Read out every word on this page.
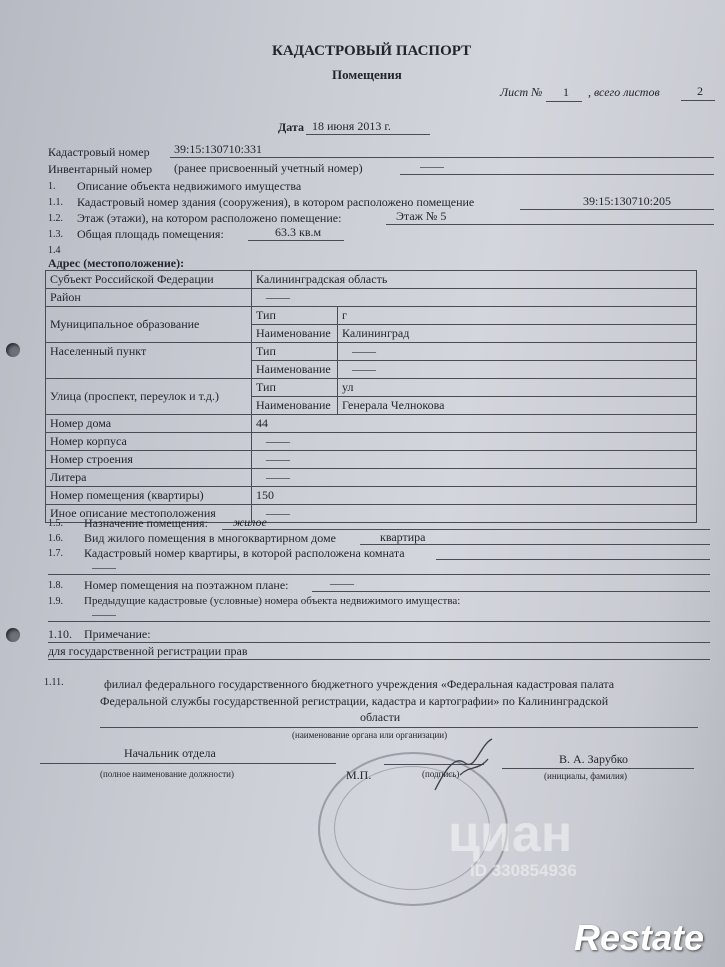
КАДАСТРОВЫЙ ПАСПОРТ
Помещения
Лист № 1 , всего листов	2
Дата 18 июня 2013 г.
Кадастровый номер 39:15:130710:331
Инвентарный номер (ранее присвоенный учетный номер)	——
1. Описание объекта недвижимого имущества
1.1. Кадастровый номер здания (сооружения), в котором расположено помещение	39:15:130710:205
1.2. Этаж (этажи), на котором расположено помещение:	Этаж № 5
1.3. Общая площадь помещения:	63.3 кв.м
1.4
Адрес (местоположение):
Субъект Российской Федерации	Калининградская область	
Район	——	
Муниципальное образование	Тип	г
	Наименование	Калининград
Населенный пункт	Тип	——
	Наименование	——
Улица (проспект, переулок и т.д.)	Тип	ул
	Наименование	Генерала Челнокова
Номер дома	44	
Номер корпуса	——	
Номер строения	——	
Литера	——	
Номер помещения (квартиры)	150	
Иное описание местоположения	——	
1.5. Назначение помещения: жилое
1.6. Вид жилого помещения в многоквартирном доме	квартира
1.7. Кадастровый номер квартиры, в которой расположена комната
——
1.8. Номер помещения на поэтажном плане:	——
1.9. Предыдущие кадастровые (условные) номера объекта недвижимого имущества:
——
1.10. Примечание:
для государственной регистрации прав
1.11.	филиал федерального государственного бюджетного учреждения «Федеральная кадастровая палата
Федеральной службы государственной регистрации, кадастра и картографии» по Калининградской
области
(наименование органа или организации)
Начальник отдела
(полное наименование должности)	М.П.	(подпись)
В. А. Зарубко
(инициалы, фамилия)
циан
ID 330854936
Restate
